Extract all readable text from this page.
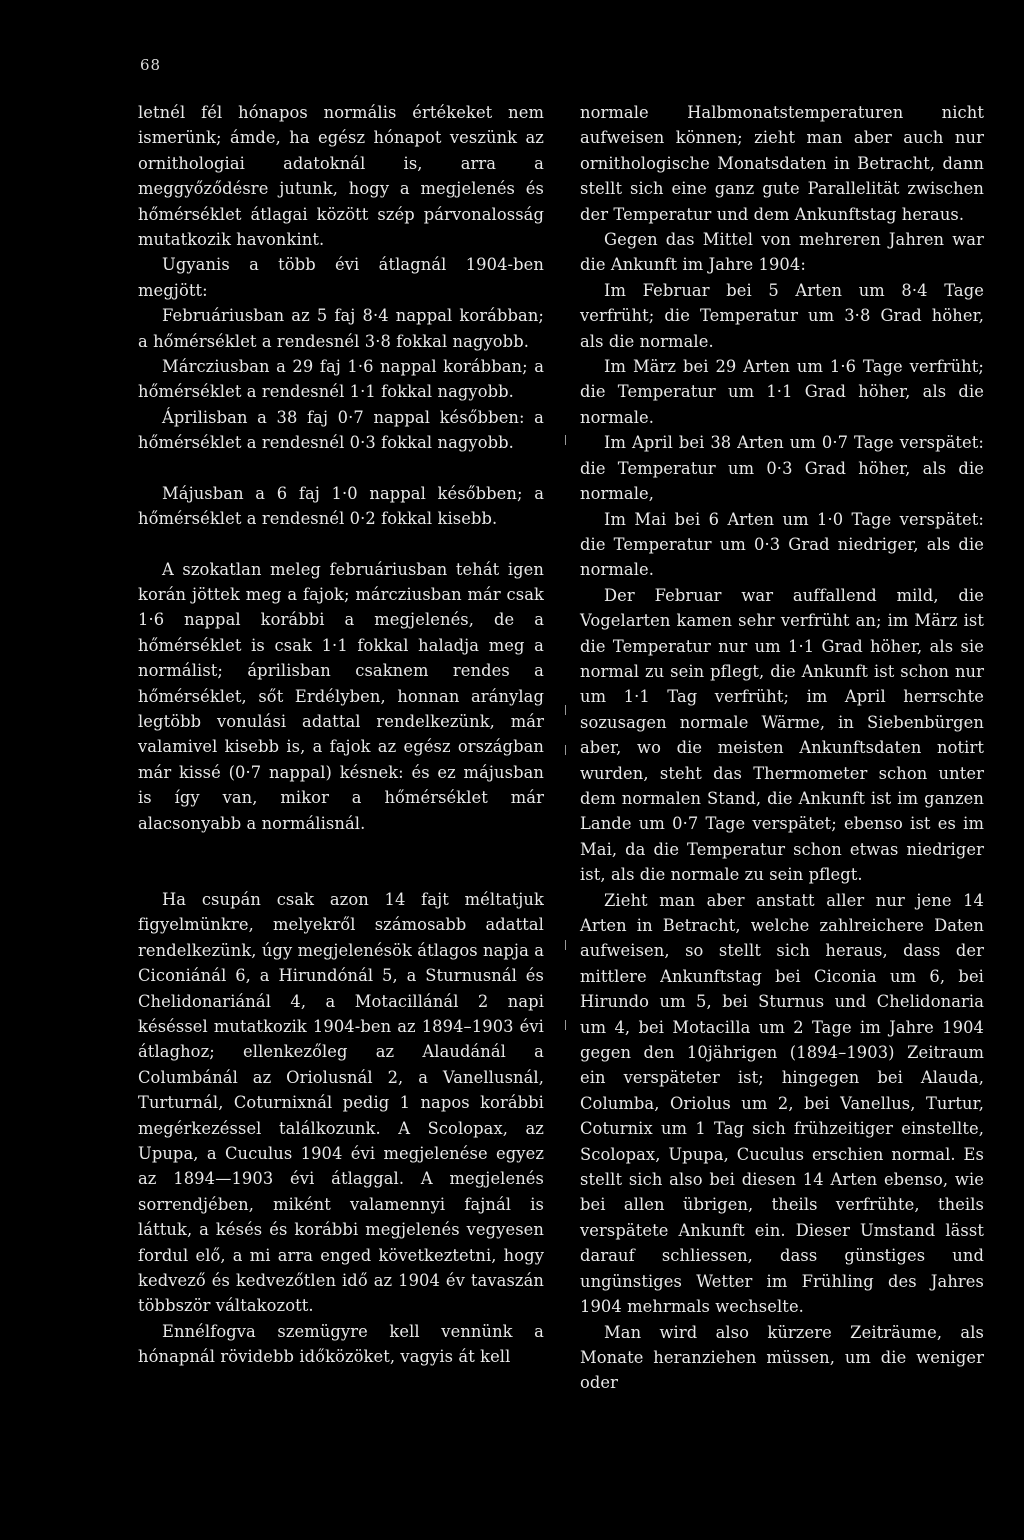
68

letnél fél hónapos normális értékeket nem ismerünk; ámde, ha egész hónapot veszünk az ornithologiai adatoknál is, arra a meggyőződésre jutunk, hogy a megjelenés és hőmérséklet átlagai között szép párvonalosság mutatkozik havonkint.

Ugyanis a több évi átlagnál 1904-ben megjött:

Februáriusban az 5 faj 8·4 nappal korábban; a hőmérséklet a rendesnél 3·8 fokkal nagyobb.

Márcziusban a 29 faj 1·6 nappal korábban; a hőmérséklet a rendesnél 1·1 fokkal nagyobb.

Áprilisban a 38 faj 0·7 nappal későbben: a hőmérséklet a rendesnél 0·3 fokkal nagyobb.

Májusban a 6 faj 1·0 nappal későbben; a hőmérséklet a rendesnél 0·2 fokkal kisebb.

A szokatlan meleg februáriusban tehát igen korán jöttek meg a fajok; márcziusban már csak 1·6 nappal korábbi a megjelenés, de a hőmérséklet is csak 1·1 fokkal haladja meg a normálist; áprilisban csaknem rendes a hőmérséklet, sőt Erdélyben, honnan aránylag legtöbb vonulási adattal rendelkezünk, már valamivel kisebb is, a fajok az egész országban már kissé (0·7 nappal) késnek: és ez májusban is így van, mikor a hőmérséklet már alacsonyabb a normálisnál.

Ha csupán csak azon 14 fajt méltatjuk figyelmünkre, melyekről számosabb adattal rendelkezünk, úgy megjelenésök átlagos napja a Ciconiánál 6, a Hirundónál 5, a Sturnusnál és Chelidonariánál 4, a Motacillánál 2 napi késéssel mutatkozik 1904-ben az 1894–1903 évi átlaghoz; ellenkezőleg az Alaudánál a Columbánál az Oriolusnál 2, a Vanellusnál, Turturnál, Coturnixnál pedig 1 napos korábbi megérkezéssel találkozunk. A Scolopax, az Upupa, a Cuculus 1904 évi megjelenése egyez az 1894—1903 évi átlaggal. A megjelenés sorrendjében, miként valamennyi fajnál is láttuk, a késés és korábbi megjelenés vegyesen fordul elő, a mi arra enged következtetni, hogy kedvező és kedvezőtlen idő az 1904 év tavaszán többször váltakozott.

Ennélfogva szemügyre kell vennünk a hónapnál rövidebb időközöket, vagyis át kell

normale Halbmonatstemperaturen nicht aufweisen können; zieht man aber auch nur ornithologische Monatsdaten in Betracht, dann stellt sich eine ganz gute Parallelität zwischen der Temperatur und dem Ankunftstag heraus.

Gegen das Mittel von mehreren Jahren war die Ankunft im Jahre 1904:

Im Februar bei 5 Arten um 8·4 Tage verfrüht; die Temperatur um 3·8 Grad höher, als die normale.

Im März bei 29 Arten um 1·6 Tage verfrüht; die Temperatur um 1·1 Grad höher, als die normale.

Im April bei 38 Arten um 0·7 Tage verspätet: die Temperatur um 0·3 Grad höher, als die normale,

Im Mai bei 6 Arten um 1·0 Tage verspätet: die Temperatur um 0·3 Grad niedriger, als die normale.

Der Februar war auffallend mild, die Vogelarten kamen sehr verfrüht an; im März ist die Temperatur nur um 1·1 Grad höher, als sie normal zu sein pflegt, die Ankunft ist schon nur um 1·1 Tag verfrüht; im April herrschte sozusagen normale Wärme, in Siebenbürgen aber, wo die meisten Ankunftsdaten notirt wurden, steht das Thermometer schon unter dem normalen Stand, die Ankunft ist im ganzen Lande um 0·7 Tage verspätet; ebenso ist es im Mai, da die Temperatur schon etwas niedriger ist, als die normale zu sein pflegt.

Zieht man aber anstatt aller nur jene 14 Arten in Betracht, welche zahlreichere Daten aufweisen, so stellt sich heraus, dass der mittlere Ankunftstag bei Ciconia um 6, bei Hirundo um 5, bei Sturnus und Chelidonaria um 4, bei Motacilla um 2 Tage im Jahre 1904 gegen den 10jährigen (1894–1903) Zeitraum ein verspäteter ist; hingegen bei Alauda, Columba, Oriolus um 2, bei Vanellus, Turtur, Coturnix um 1 Tag sich frühzeitiger einstellte, Scolopax, Upupa, Cuculus erschien normal. Es stellt sich also bei diesen 14 Arten ebenso, wie bei allen übrigen, theils verfrühte, theils verspätete Ankunft ein. Dieser Umstand lässt darauf schliessen, dass günstiges und ungünstiges Wetter im Frühling des Jahres 1904 mehrmals wechselte.

Man wird also kürzere Zeiträume, als Monate heranziehen müssen, um die weniger oder
